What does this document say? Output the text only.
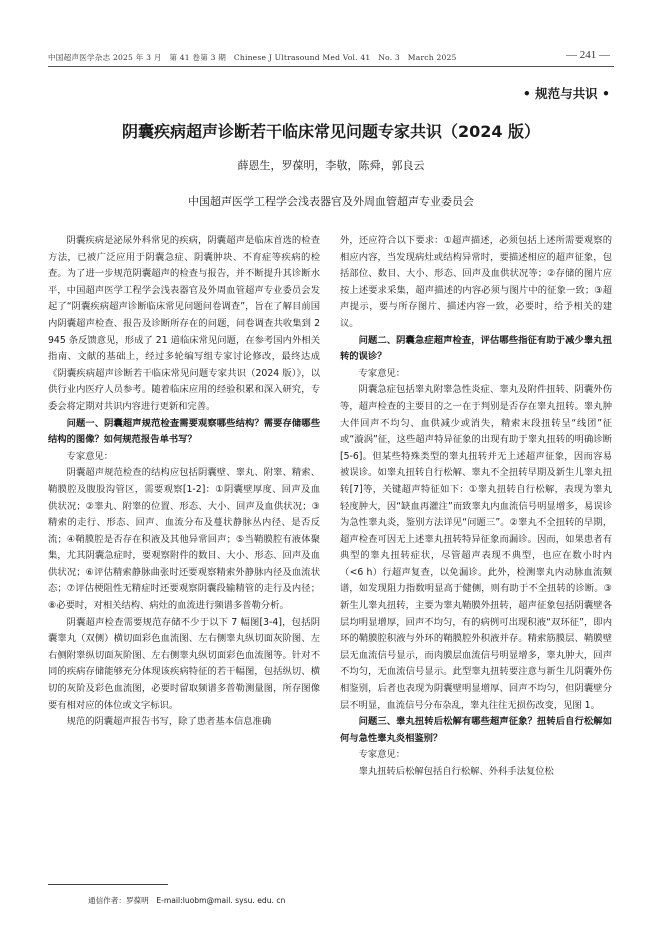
中国超声医学杂志 2025 年 3 月　第 41 卷第 3 期　Chinese J Ultrasound Med Vol. 41　No. 3　March 2025	— 241 —
• 规范与共识 •
阴囊疾病超声诊断若干临床常见问题专家共识（2024 版）
薛恩生，罗葆明，李敬，陈舜，郭良云
中国超声医学工程学会浅表器官及外周血管超声专业委员会

阴囊疾病是泌尿外科常见的疾病，阴囊超声是临床首选的检查方法，已被广泛应用于阴囊急症、阴囊肿块、不育症等疾病的检查。为了进一步规范阴囊超声的检查与报告，并不断提升其诊断水平，中国超声医学工程学会浅表器官及外周血管超声专业委员会发起了“阴囊疾病超声诊断临床常见问题问卷调查”，旨在了解目前国内阴囊超声检查、报告及诊断所存在的问题，问卷调查共收集到 2 945 条反馈意见，形成了 21 道临床常见问题，在参考国内外相关指南、文献的基础上，经过多轮编写组专家讨论修改，最终达成《阴囊疾病超声诊断若干临床常见问题专家共识（2024 版）》，以供行业内医疗人员参考。随着临床应用的经验积累和深入研究，专委会将定期对共识内容进行更新和完善。

问题一、阴囊超声规范检查需要观察哪些结构？需要存储哪些结构的图像？如何规范报告单书写？

专家意见：

阴囊超声规范检查的结构应包括阴囊壁、睾丸、附睾、精索、鞘膜腔及腹股沟管区，需要观察[1-2]：①阴囊壁厚度、回声及血供状况；②睾丸、附睾的位置、形态、大小、回声及血供状况；③精索的走行、形态、回声、血流分布及蔓状静脉丛内径、是否反流；④鞘膜腔是否存在积液及其他异常回声；⑤当鞘膜腔有液体聚集，尤其阴囊急症时，要观察附件的数目、大小、形态、回声及血供状况；⑥评估精索静脉曲张时还要观察精索外静脉内径及血流状态；⑦评估梗阻性无精症时还要观察阴囊段输精管的走行及内径；⑧必要时，对相关结构、病灶的血流进行频谱多普勒分析。

阴囊超声检查需要规范存储不少于以下 7 幅图[3-4]，包括阴囊睾丸（双侧）横切面彩色血流图、左右侧睾丸纵切面灰阶图、左右侧附睾纵切面灰阶图、左右侧睾丸纵切面彩色血流图等。针对不同的疾病存储能够充分体现该疾病特征的若干幅图，包括纵切、横切的灰阶及彩色血流图，必要时留取频谱多普勒测量图，所存图像要有相对应的体位或文字标识。

规范的阴囊超声报告书写，除了患者基本信息准确

外，还应符合以下要求：①超声描述，必须包括上述所需要观察的相应内容，当发现病灶或结构异常时，要描述相应的超声征象，包括部位、数目、大小、形态、回声及血供状况等；②存储的图片应按上述要求采集，超声描述的内容必须与图片中的征象一致；③超声提示，要与所存图片、描述内容一致，必要时，给予相关的建议。

问题二、阴囊急症超声检查，评估哪些指征有助于减少睾丸扭转的误诊？

专家意见：

阴囊急症包括睾丸附睾急性炎症、睾丸及附件扭转、阴囊外伤等，超声检查的主要目的之一在于判别是否存在睾丸扭转。睾丸肿大伴回声不均匀、血供减少或消失，精索末段扭转呈“线团”征或“漩涡”征，这些超声特异征象的出现有助于睾丸扭转的明确诊断[5-6]。但某些特殊类型的睾丸扭转并无上述超声征象，因而容易被误诊。如睾丸扭转自行松解、睾丸不全扭转早期及新生儿睾丸扭转[7]等，关键超声特征如下：①睾丸扭转自行松解，表现为睾丸轻度肿大，因“缺血再灌注”而致睾丸内血流信号明显增多，易误诊为急性睾丸炎，鉴别方法详见“问题三”。②睾丸不全扭转的早期，超声检查可因无上述睾丸扭转特异征象而漏诊。因而，如果患者有典型的睾丸扭转症状，尽管超声表现不典型，也应在数小时内（<6 h）行超声复查，以免漏诊。此外，检测睾丸内动脉血流频谱，如发现阻力指数明显高于健侧，则有助于不全扭转的诊断。③新生儿睾丸扭转，主要为睾丸鞘膜外扭转，超声征象包括阴囊壁各层均明显增厚，回声不均匀，有的病例可出现积液“双环征”，即内环的鞘膜腔积液与外环的鞘膜腔外积液并存。精索筋膜层、鞘膜壁层无血流信号显示，而肉膜层血流信号明显增多，睾丸肿大，回声不均匀，无血流信号显示。此型睾丸扭转要注意与新生儿阴囊外伤相鉴别，后者也表现为阴囊壁明显增厚、回声不均匀，但阴囊壁分层不明显，血流信号分布杂乱，睾丸往往无损伤改变，见图 1。

问题三、睾丸扭转后松解有哪些超声征象？扭转后自行松解如何与急性睾丸炎相鉴别？

专家意见：

睾丸扭转后松解包括自行松解、外科手法复位松

通信作者：罗葆明　E-mail:luobm@mail. sysu. edu. cn
